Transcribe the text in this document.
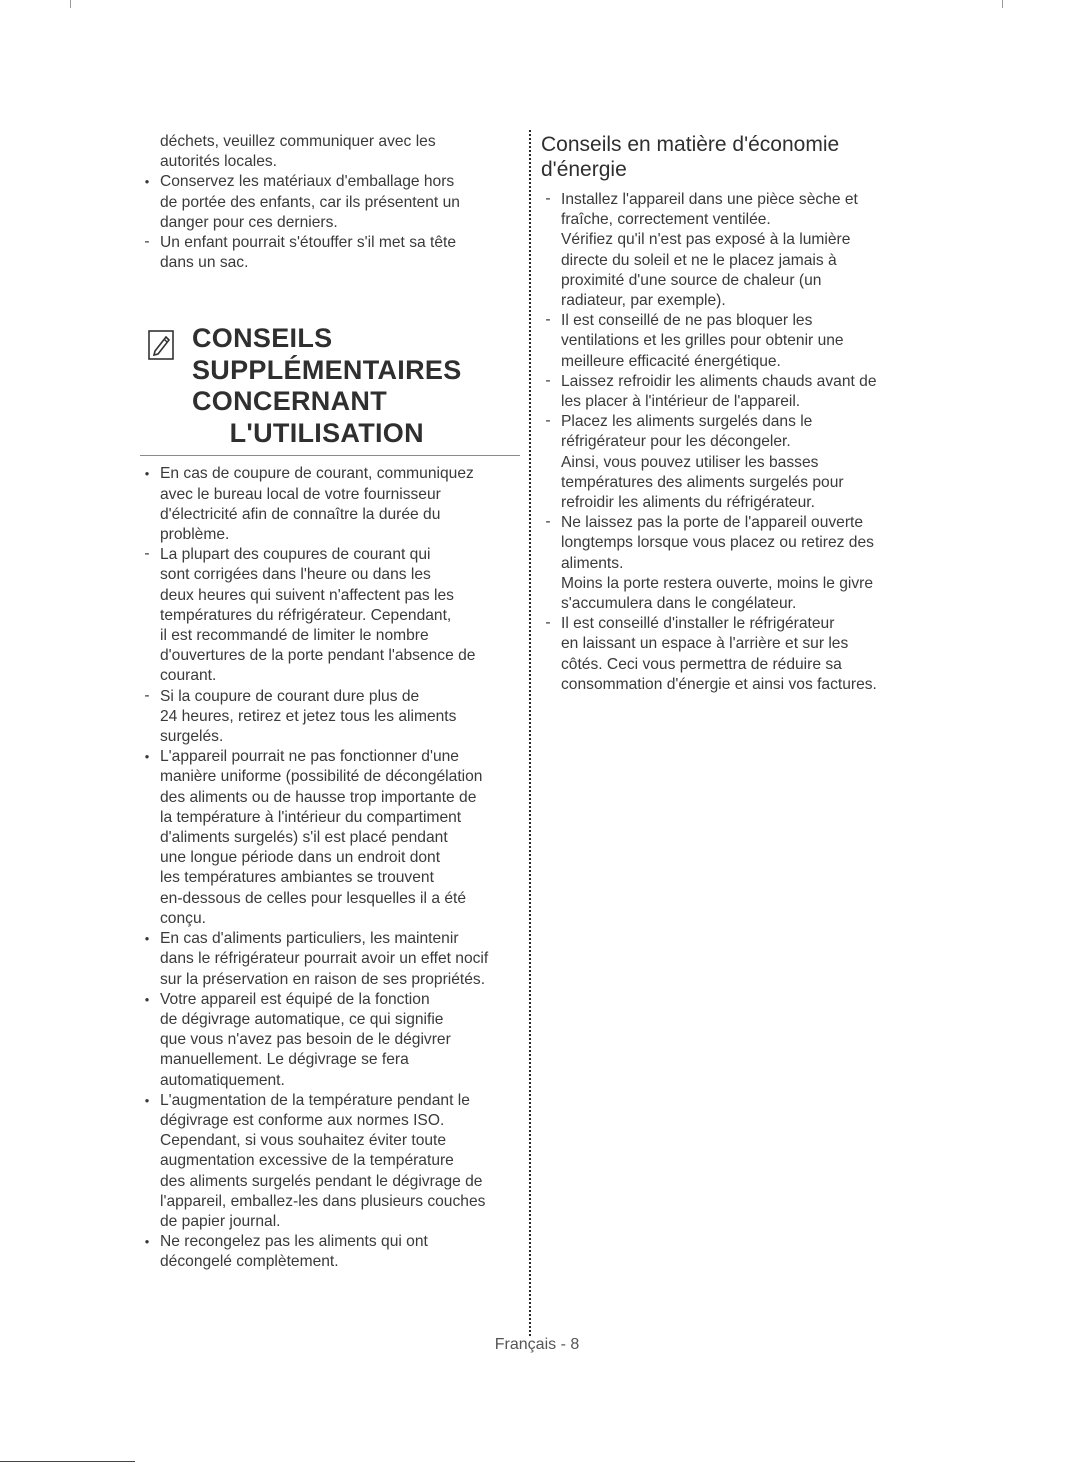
déchets, veuillez communiquer avec les
autorités locales.
●
Conservez les matériaux d'emballage hors
de portée des enfants, car ils présentent un
danger pour ces derniers.
- Un enfant pourrait s'étouffer s'il met sa tête
dans un sac.
CONSEILS
SUPPLÉMENTAIRES
CONCERNANT
L'UTILISATION
●
En cas de coupure de courant, communiquez
avec le bureau local de votre fournisseur
d'électricité afin de connaître la durée du
problème.
- La plupart des coupures de courant qui
sont corrigées dans l'heure ou dans les
deux heures qui suivent n'affectent pas les
températures du réfrigérateur. Cependant,
il est recommandé de limiter le nombre
d'ouvertures de la porte pendant l'absence de
courant.
- Si la coupure de courant dure plus de
24 heures, retirez et jetez tous les aliments
surgelés.
●
L'appareil pourrait ne pas fonctionner d'une
manière uniforme (possibilité de décongélation
des aliments ou de hausse trop importante de
la température à l'intérieur du compartiment
d'aliments surgelés) s'il est placé pendant
une longue période dans un endroit dont
les températures ambiantes se trouvent
en-dessous de celles pour lesquelles il a été
conçu.
●
En cas d'aliments particuliers, les maintenir
dans le réfrigérateur pourrait avoir un effet nocif
sur la préservation en raison de ses propriétés.
●
Votre appareil est équipé de la fonction
de dégivrage automatique, ce qui signifie
que vous n'avez pas besoin de le dégivrer
manuellement. Le dégivrage se fera
automatiquement.
●
L'augmentation de la température pendant le
dégivrage est conforme aux normes ISO.
Cependant, si vous souhaitez éviter toute
augmentation excessive de la température
des aliments surgelés pendant le dégivrage de
l'appareil, emballez-les dans plusieurs couches
de papier journal.
●
Ne recongelez pas les aliments qui ont
décongelé complètement.
Conseils en matière d'économie
d'énergie
- Installez l'appareil dans une pièce sèche et
fraîche, correctement ventilée.
Vérifiez qu'il n'est pas exposé à la lumière
directe du soleil et ne le placez jamais à
proximité d'une source de chaleur (un
radiateur, par exemple).
- Il est conseillé de ne pas bloquer les
ventilations et les grilles pour obtenir une
meilleure efficacité énergétique.
- Laissez refroidir les aliments chauds avant de
les placer à l'intérieur de l'appareil.
- Placez les aliments surgelés dans le
réfrigérateur pour les décongeler.
Ainsi, vous pouvez utiliser les basses
températures des aliments surgelés pour
refroidir les aliments du réfrigérateur.
- Ne laissez pas la porte de l'appareil ouverte
longtemps lorsque vous placez ou retirez des
aliments.
Moins la porte restera ouverte, moins le givre
s'accumulera dans le congélateur.
- Il est conseillé d'installer le réfrigérateur
en laissant un espace à l'arrière et sur les
côtés. Ceci vous permettra de réduire sa
consommation d'énergie et ainsi vos factures.
Français - 8
